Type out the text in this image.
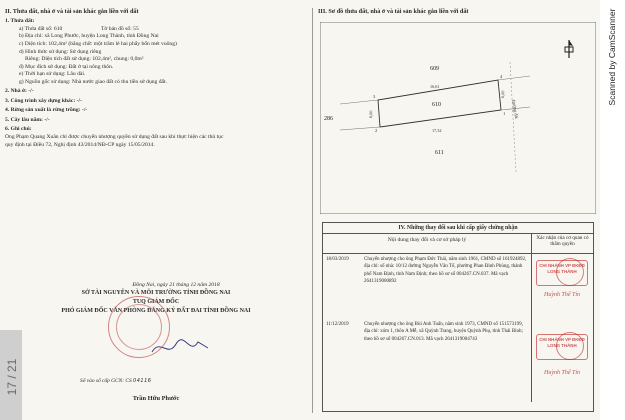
II. Thửa đất, nhà ở và tài sản khác gắn liền với đất
1. Thửa đất:
a) Thửa đất số: 610	Tờ bản đồ số: 55
b) Địa chỉ: xã Long Phước, huyện Long Thành, tỉnh Đồng Nai
c) Diện tích: 102,4m² (bằng chữ: một trăm lẻ hai phẩy bốn mét vuông)
d) Hình thức sử dụng: Sử dụng riêng
Riêng: Diện tích đất sử dụng: 102,4m², chung: 0,0m²
đ) Mục đích sử dụng: Đất ở tại nông thôn.
e) Thời hạn sử dụng: Lâu dài.
g) Nguồn gốc sử dụng: Nhà nước giao đất có thu tiền sử dụng đất.
2. Nhà ở: -/-
3. Công trình xây dựng khác: -/-
4. Rừng sản xuất là rừng trồng: -/-
5. Cây lâu năm: -/-
6. Ghi chú:
Ông Phạm Quang Xuân chỉ được chuyển nhượng quyền sử dụng đất sau khi thực hiện các thủ tục
quy định tại Điều 72, Nghị định 43/2014/NĐ-CP ngày 15/05/2014.
Đồng Nai, ngày 21 tháng 12 năm 2018
SỞ TÀI NGUYÊN VÀ MÔI TRƯỜNG TỈNH ĐỒNG NAI
TUQ GIÁM ĐỐC
PHÓ GIÁM ĐỐC VĂN PHÒNG ĐĂNG KÝ ĐẤT ĐAI TỈNH ĐỒNG NAI
Số vào sổ cấp GCN: CS 04116
Trần Hữu Phước
17 / 21
III. Sơ đồ thửa đất, nhà ở và tài sản khác gắn liền với đất
609
610
611
286	Đường đất
16,61
17,32
6,00
6,00
3
4
1
2
IV. Những thay đổi sau khi cấp giấy chứng nhận
Nội dung thay đổi và cơ sở pháp lý	Xác nhận của cơ quan có thẩm quyền
18/03/2019	Chuyển nhượng cho ông Phạm Đức Thái, năm sinh 1961, CMND số 161924892, địa chỉ: số nhà: 10/12 đường Nguyễn Văn Tố, phường Phan Đình Phùng, thành phố Nam Định, tỉnh Nam Định; theo hồ sơ số 004267.CN.037. Mã vạch 2641319000892
11/12/2019	Chuyển nhượng cho ông Bùi Anh Tuấn, năm sinh 1973, CMND số 151573199, địa chỉ: xóm 1, thôn A Mễ, xã Quỳnh Trang, huyện Quỳnh Phụ, tỉnh Thái Bình; theo hồ sơ số 004267.CN.013. Mã vạch 2641319004743
CHI NHÁNH VP ĐKĐĐ LONG THÀNH
Huỳnh Thế Tín
CHI NHÁNH VP ĐKĐĐ LONG THÀNH
Huỳnh Thế Tín
Scanned by CamScanner
